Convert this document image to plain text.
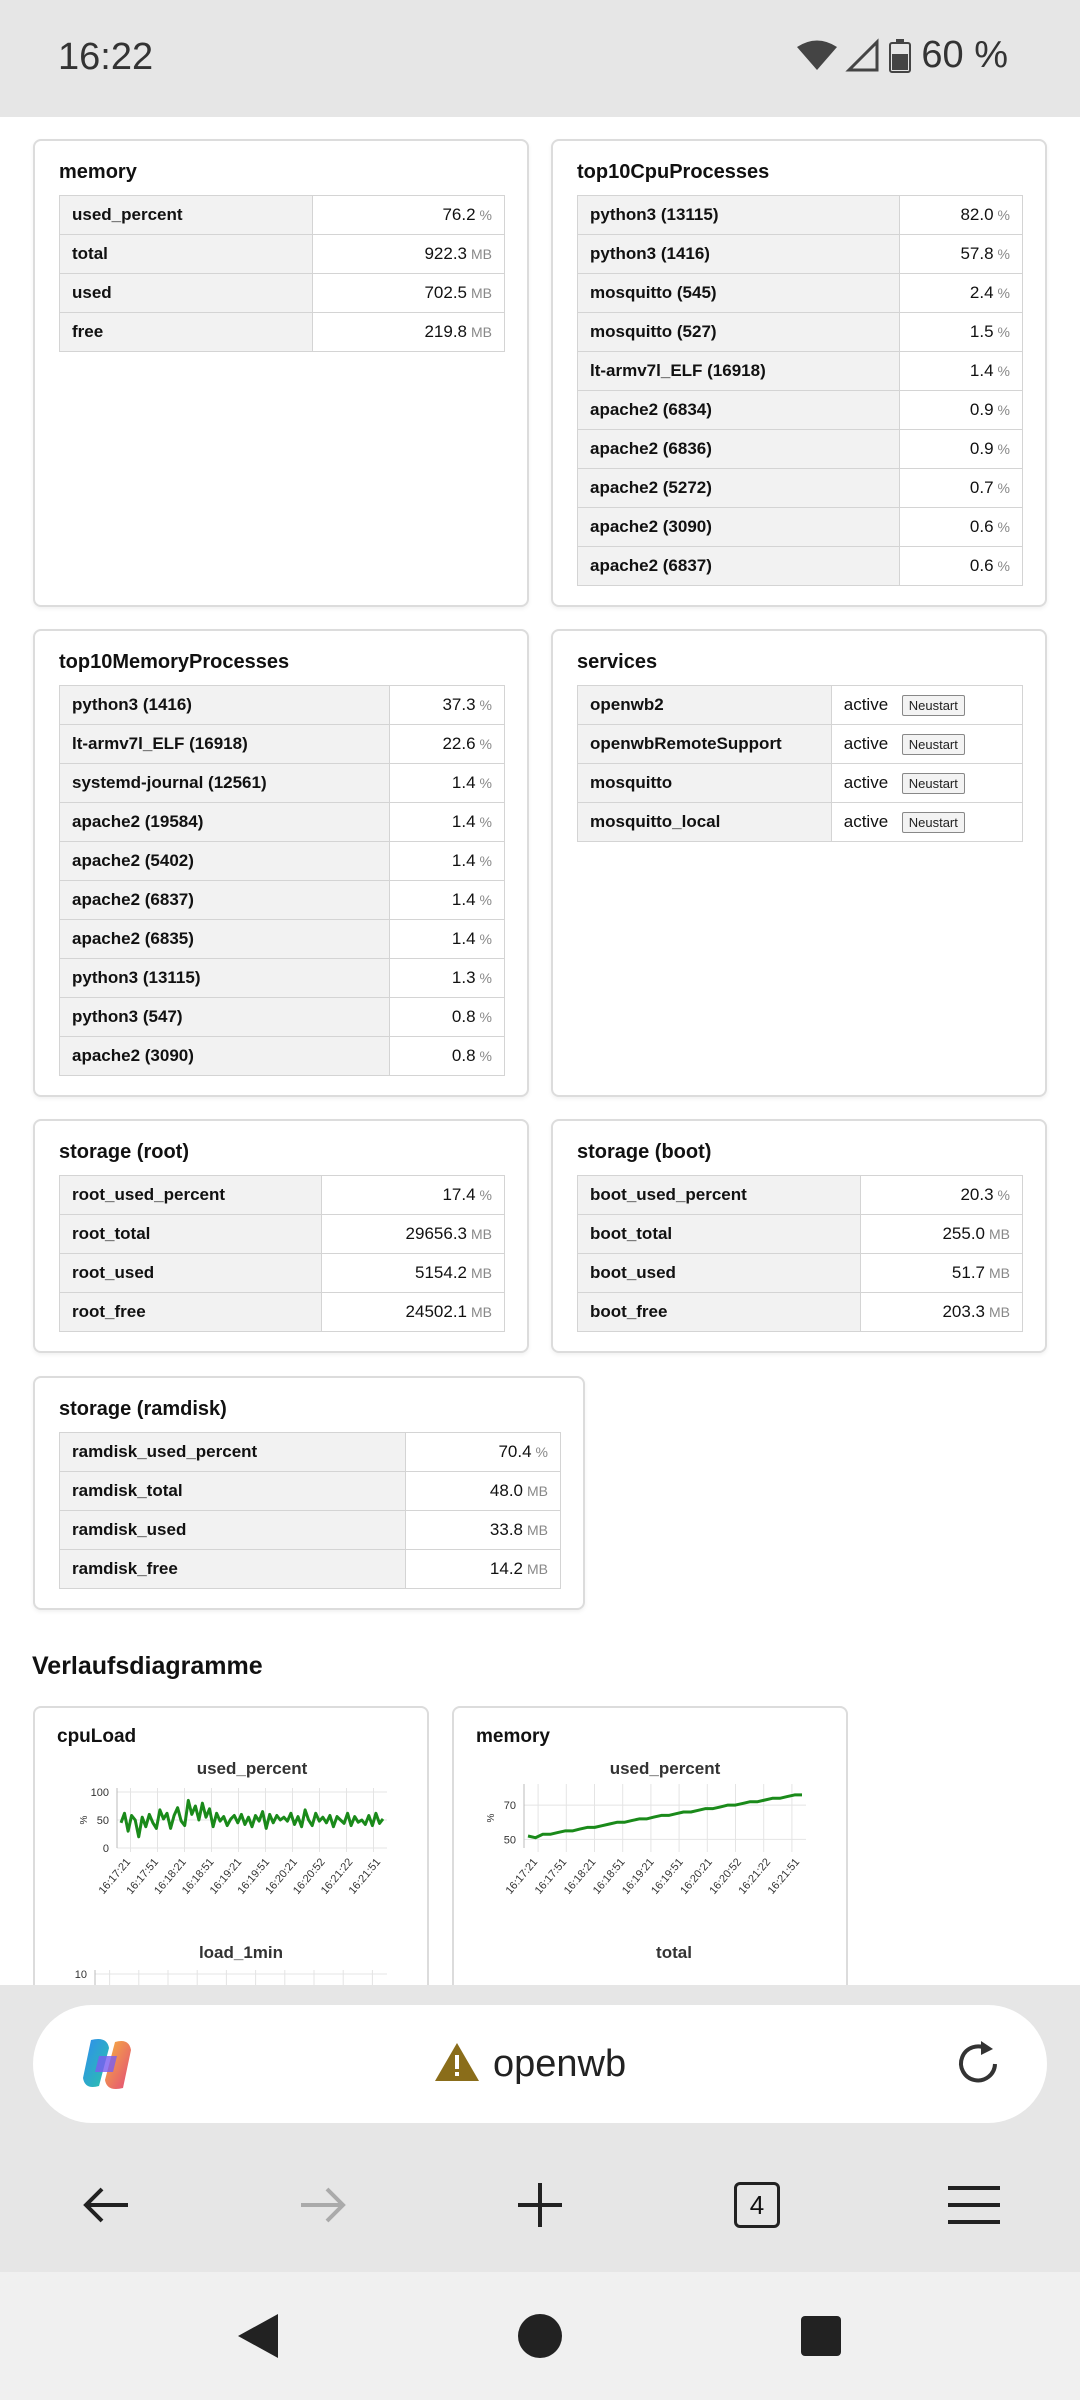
16:22	60 %
memory
used_percent	76.2 %
total	922.3 MB
used	702.5 MB
free	219.8 MB
top10CpuProcesses
python3 (13115)	82.0 %
python3 (1416)	57.8 %
mosquitto (545)	2.4 %
mosquitto (527)	1.5 %
lt-armv7l_ELF (16918)	1.4 %
apache2 (6834)	0.9 %
apache2 (6836)	0.9 %
apache2 (5272)	0.7 %
apache2 (3090)	0.6 %
apache2 (6837)	0.6 %
top10MemoryProcesses
python3 (1416)	37.3 %
lt-armv7l_ELF (16918)	22.6 %
systemd-journal (12561)	1.4 %
apache2 (19584)	1.4 %
apache2 (5402)	1.4 %
apache2 (6837)	1.4 %
apache2 (6835)	1.4 %
python3 (13115)	1.3 %
python3 (547)	0.8 %
apache2 (3090)	0.8 %
services
openwb2	active Neustart
openwbRemoteSupport	active Neustart
mosquitto	active Neustart
mosquitto_local	active Neustart
storage (root)
root_used_percent	17.4 %
root_total	29656.3 MB
root_used	5154.2 MB
root_free	24502.1 MB
storage (boot)
boot_used_percent	20.3 %
boot_total	255.0 MB
boot_used	51.7 MB
boot_free	203.3 MB
storage (ramdisk)
ramdisk_used_percent	70.4 %
ramdisk_total	48.0 MB
ramdisk_used	33.8 MB
ramdisk_free	14.2 MB
Verlaufsdiagramme
cpuLoad
used_percent
100
50
0
%
16:17:21
16:17:51
16:18:21
16:18:51
16:19:21
16:19:51
16:20:21
16:20:52
16:21:22
16:21:51
load_1min
10
memory
used_percent
70
50
%
16:17:21
16:17:51
16:18:21
16:18:51
16:19:21
16:19:51
16:20:21
16:20:52
16:21:22
16:21:51
total
openwb
4
